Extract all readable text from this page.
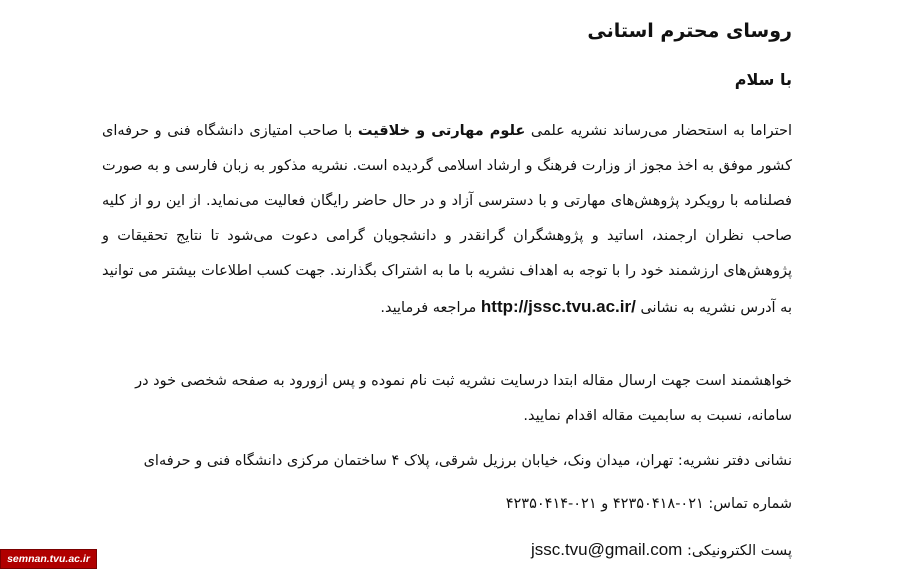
روسای محترم استانی
با سلام
احتراما به استحضار می‌رساند نشریه علمی علوم مهارتی و خلاقیت با صاحب امتیازی دانشگاه فنی و حرفه‌ای کشور موفق به اخذ مجوز از وزارت فرهنگ و ارشاد اسلامی گردیده است. نشریه مذکور به زبان فارسی و به صورت فصلنامه با رویکرد پژوهش‌های مهارتی و با دسترسی آزاد و در حال حاضر رایگان فعالیت می‌نماید. از این رو از کلیه صاحب نظران ارجمند، اساتید و پژوهشگران گرانقدر و دانشجویان گرامی دعوت می‌شود تا نتایج تحقیقات و پژوهش‌های ارزشمند خود را با توجه به اهداف نشریه با ما به اشتراک بگذارند. جهت کسب اطلاعات بیشتر می توانید به آدرس نشریه به نشانی http://jssc.tvu.ac.ir/ مراجعه فرمایید.
خواهشمند است جهت ارسال مقاله ابتدا درسایت نشریه ثبت نام نموده و پس ازورود به صفحه شخصی خود در سامانه، نسبت به سابمیت مقاله اقدام نمایید.
نشانی دفتر نشریه: تهران، میدان ونک، خیابان برزیل شرقی، پلاک ۴ ساختمان مرکزی دانشگاه فنی و حرفه‌ای
شماره تماس: ۰۲۱-۴۲۳۵۰۴۱۸ و ۰۲۱-۴۲۳۵۰۴۱۴
پست الکترونیکی: jssc.tvu@gmail.com
semnan.tvu.ac.ir
